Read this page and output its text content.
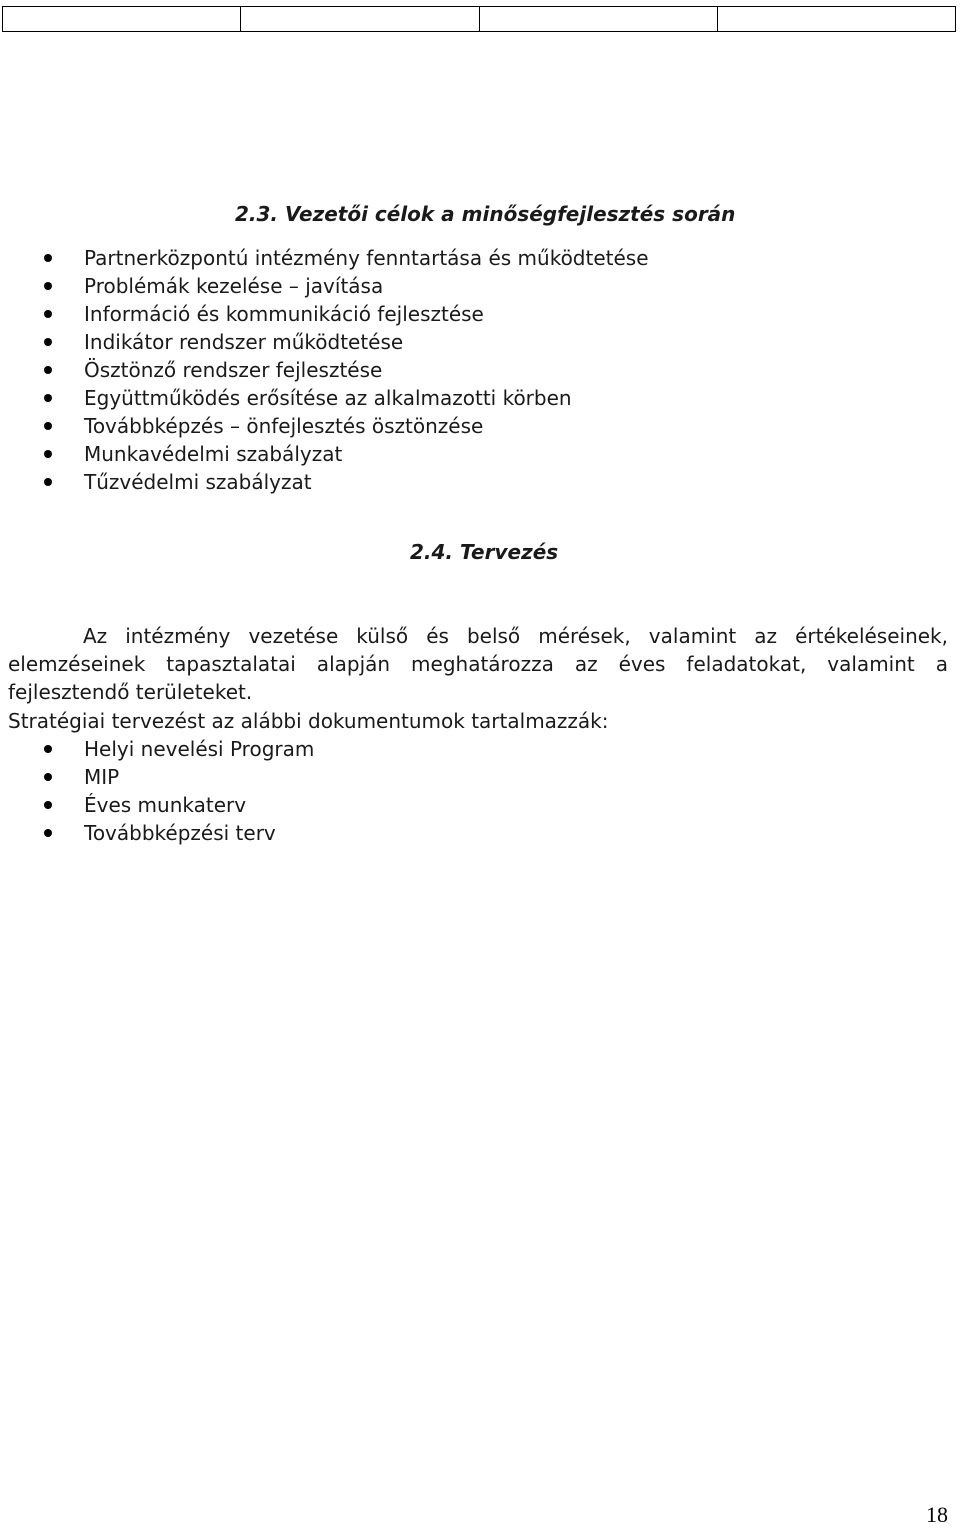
2.3. Vezetői célok a minőségfejlesztés során
Partnerközpontú intézmény fenntartása és működtetése
Problémák kezelése – javítása
Információ és kommunikáció fejlesztése
Indikátor rendszer működtetése
Ösztönző rendszer fejlesztése
Együttműködés erősítése az alkalmazotti körben
Továbbképzés – önfejlesztés ösztönzése
Munkavédelmi szabályzat
Tűzvédelmi szabályzat
2.4. Tervezés

Az intézmény vezetése külső és belső mérések, valamint az értékeléseinek, elemzéseinek tapasztalatai alapján meghatározza az éves feladatokat, valamint a fejlesztendő területeket.

Stratégiai tervezést az alábbi dokumentumok tartalmazzák:

Helyi nevelési Program
MIP
Éves munkaterv
Továbbképzési terv
18
